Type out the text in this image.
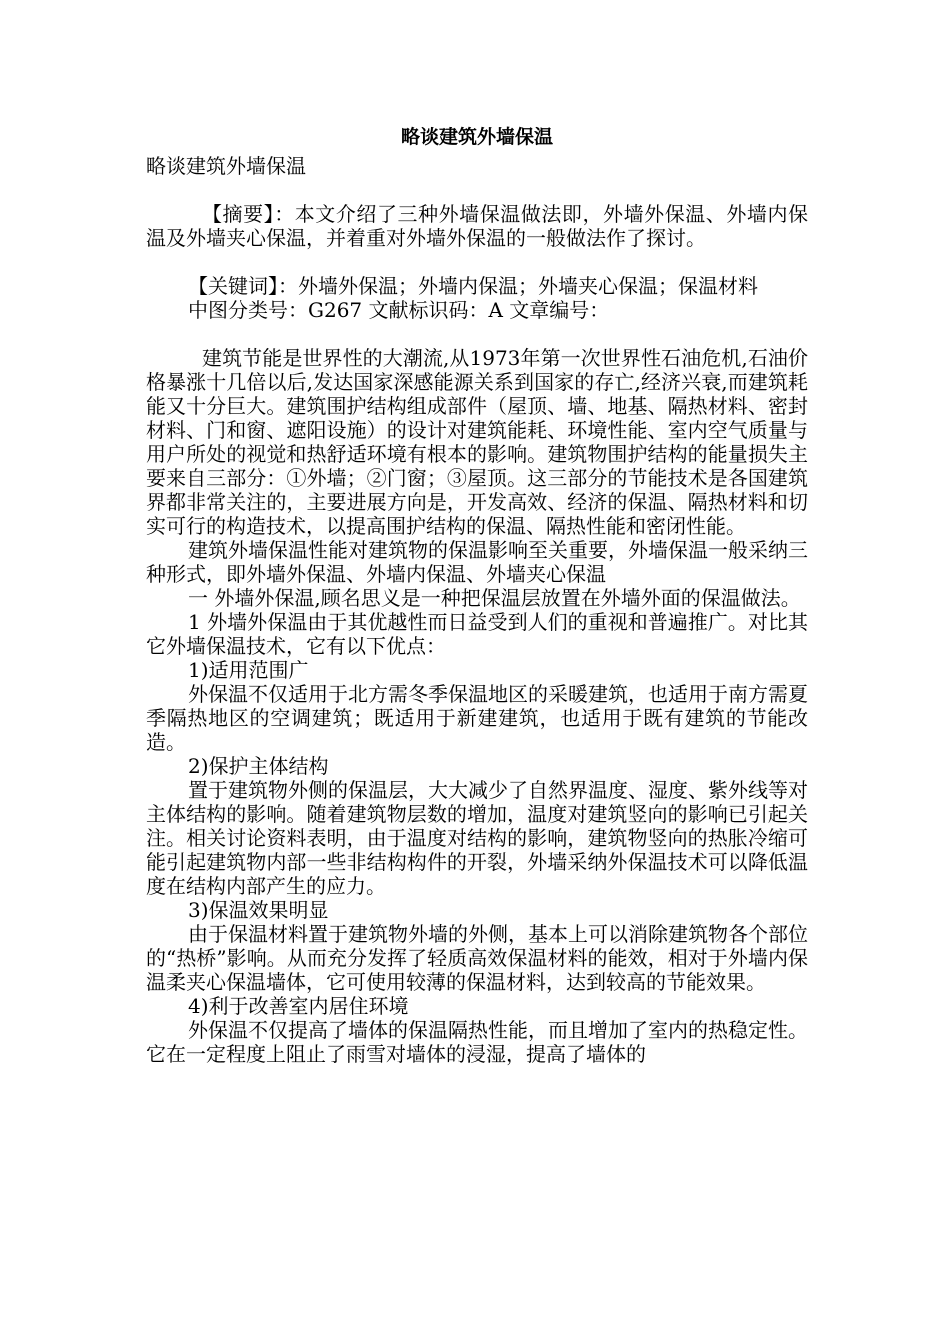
略谈建筑外墙保温

略谈建筑外墙保温

【摘要】：本文介绍了三种外墙保温做法即，外墙外保温、外墙内保温及外墙夹心保温，并着重对外墙外保温的一般做法作了探讨。

【关键词】：外墙外保温；外墙内保温；外墙夹心保温；保温材料

中图分类号：G267 文献标识码：A 文章编号：

建筑节能是世界性的大潮流,从1973年第一次世界性石油危机,石油价格暴涨十几倍以后,发达国家深感能源关系到国家的存亡,经济兴衰,而建筑耗能又十分巨大。建筑围护结构组成部件（屋顶、墙、地基、隔热材料、密封材料、门和窗、遮阳设施）的设计对建筑能耗、环境性能、室内空气质量与用户所处的视觉和热舒适环境有根本的影响。建筑物围护结构的能量损失主要来自三部分：①外墙；②门窗；③屋顶。这三部分的节能技术是各国建筑界都非常关注的，主要进展方向是，开发高效、经济的保温、隔热材料和切实可行的构造技术，以提高围护结构的保温、隔热性能和密闭性能。

建筑外墙保温性能对建筑物的保温影响至关重要，外墙保温一般采纳三种形式，即外墙外保温、外墙内保温、外墙夹心保温

一 外墙外保温,顾名思义是一种把保温层放置在外墙外面的保温做法。

1 外墙外保温由于其优越性而日益受到人们的重视和普遍推广。对比其它外墙保温技术，它有以下优点：

1)适用范围广

外保温不仅适用于北方需冬季保温地区的采暖建筑，也适用于南方需夏季隔热地区的空调建筑；既适用于新建建筑，也适用于既有建筑的节能改造。

2)保护主体结构

置于建筑物外侧的保温层，大大减少了自然界温度、湿度、紫外线等对主体结构的影响。随着建筑物层数的增加，温度对建筑竖向的影响已引起关注。相关讨论资料表明，由于温度对结构的影响，建筑物竖向的热胀冷缩可能引起建筑物内部一些非结构构件的开裂，外墙采纳外保温技术可以降低温度在结构内部产生的应力。

3)保温效果明显

由于保温材料置于建筑物外墙的外侧，基本上可以消除建筑物各个部位的“热桥”影响。从而充分发挥了轻质高效保温材料的能效，相对于外墙内保温柔夹心保温墙体，它可使用较薄的保温材料，达到较高的节能效果。

4)利于改善室内居住环境

外保温不仅提高了墙体的保温隔热性能，而且增加了室内的热稳定性。它在一定程度上阻止了雨雪对墙体的浸湿，提高了墙体的
